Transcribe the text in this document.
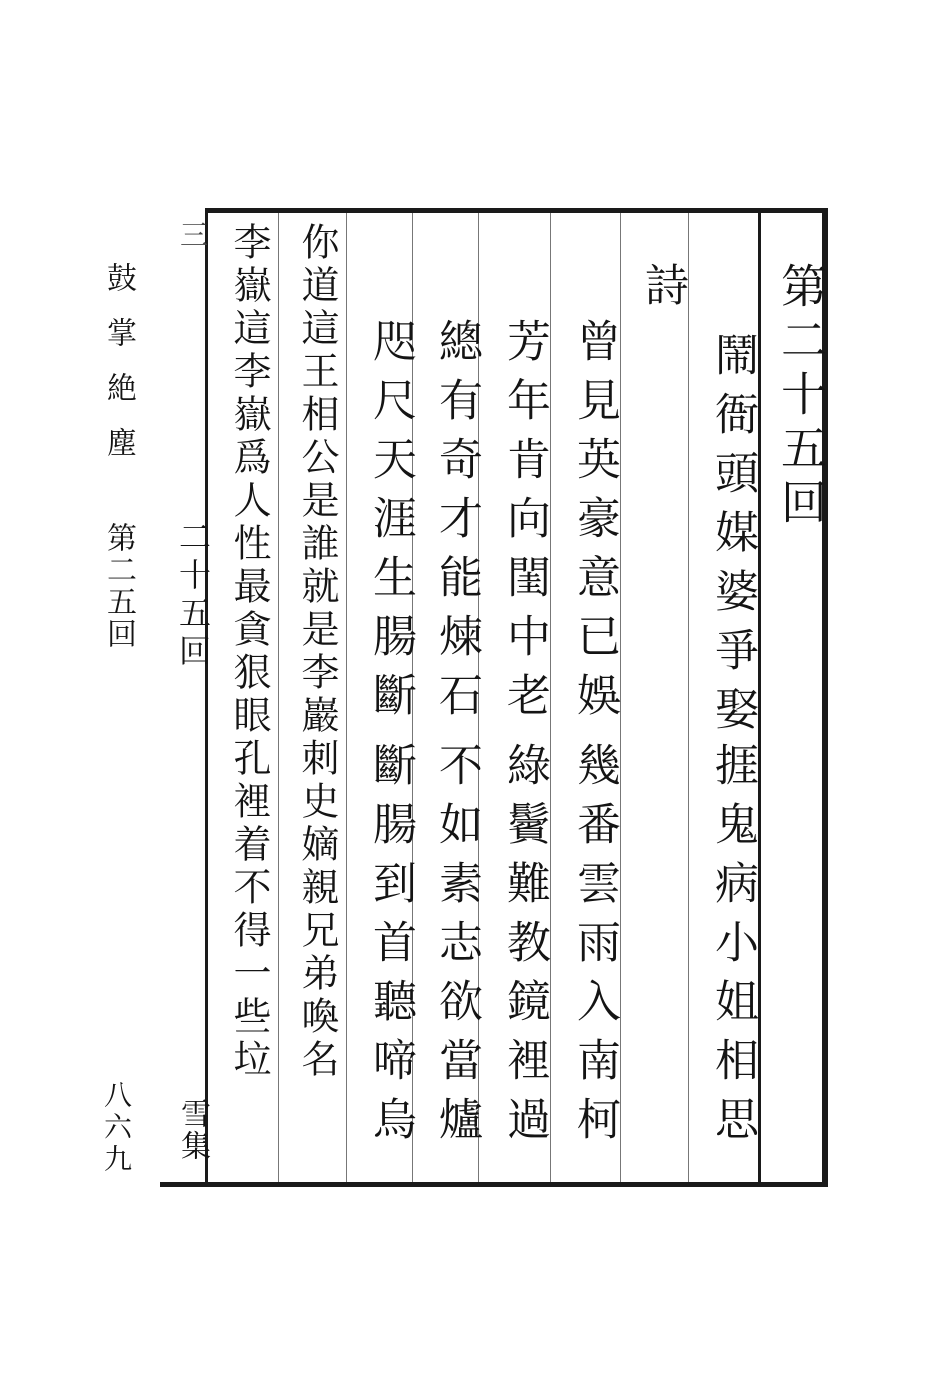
鼓掌絶塵
第二五回
八六九
第二十五回
鬧衙頭媒婆爭娶
捱鬼病小姐相思
詩
曾見英豪意已娛
幾番雲雨入南柯
芳年肯向閨中老
綠鬢難教鏡裡過
總有奇才能煉石
不如素志欲當爐
咫尺天涯生腸斷
斷腸到首聽啼烏
你道這王相公是誰就是李巖刺史嫡親兄弟喚名
李嶽這李嶽爲人性最貪狠眼孔裡着不得一些垃
三
二十五回
雪集
